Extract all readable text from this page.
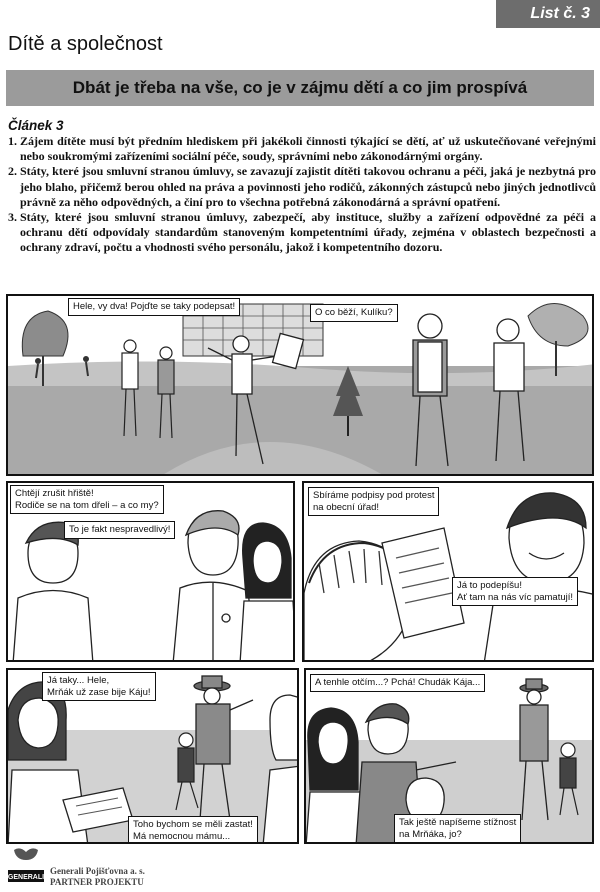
List č. 3
Dítě a společnost
Dbát je třeba na vše, co je v zájmu dětí a co jim prospívá
Článek 3
1. Zájem dítěte musí být předním hlediskem při jakékoli činnosti týkající se dětí, ať už uskutečňované veřejnými nebo soukromými zařízeními sociální péče, soudy, správními nebo zákonodárnými orgány.
2. Státy, které jsou smluvní stranou úmluvy, se zavazují zajistit dítěti takovou ochranu a péči, jaká je nezbytná pro jeho blaho, přičemž berou ohled na práva a povinnosti jeho rodičů, zákonných zástupců nebo jiných jednotlivců právně za něho odpovědných, a činí pro to všechna potřebná zákonodárná a správní opatření.
3. Státy, které jsou smluvní stranou úmluvy, zabezpečí, aby instituce, služby a zařízení odpovědné za péči a ochranu dětí odpovídaly standardům stanoveným kompetentními úřady, zejména v oblastech bezpečnosti a ochrany zdraví, počtu a vhodnosti svého personálu, jakož i kompetentního dozoru.
Hele, vy dva! Pojďte se taky podepsat!
O co běží, Kulíku?
Chtějí zrušit hřiště!
Rodiče se na tom dřeli – a co my?
To je fakt nespravedlivý!
Sbíráme podpisy pod protest
na obecní úřad!
Já to podepíšu!
Ať tam na nás víc pamatují!
Já taky... Hele,
Mrňák už zase bije Káju!
Toho bychom se měli zastat!
Má nemocnou mámu...
A tenhle otčím...? Pchá! Chudák Kája...
Tak ještě napíšeme stížnost
na Mrňáka, jo?
GENERALI
Generali Pojišťovna a. s.
PARTNER PROJEKTU
